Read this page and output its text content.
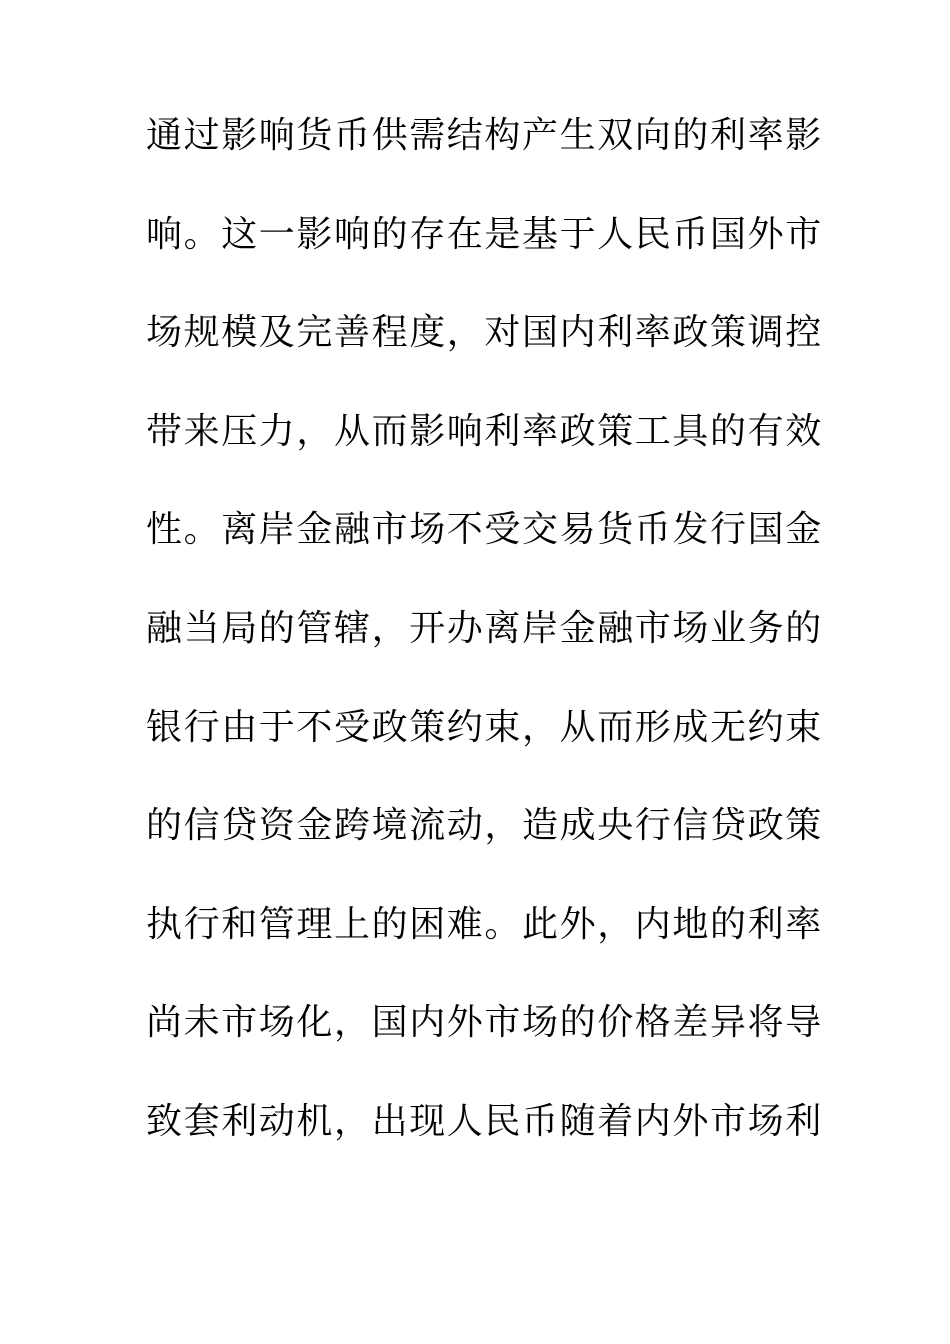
通过影响货币供需结构产生双向的利率影
响。这一影响的存在是基于人民币国外市
场规模及完善程度，对国内利率政策调控
带来压力，从而影响利率政策工具的有效
性。离岸金融市场不受交易货币发行国金
融当局的管辖，开办离岸金融市场业务的
银行由于不受政策约束，从而形成无约束
的信贷资金跨境流动，造成央行信贷政策
执行和管理上的困难。此外，内地的利率
尚未市场化，国内外市场的价格差异将导
致套利动机，出现人民币随着内外市场利
